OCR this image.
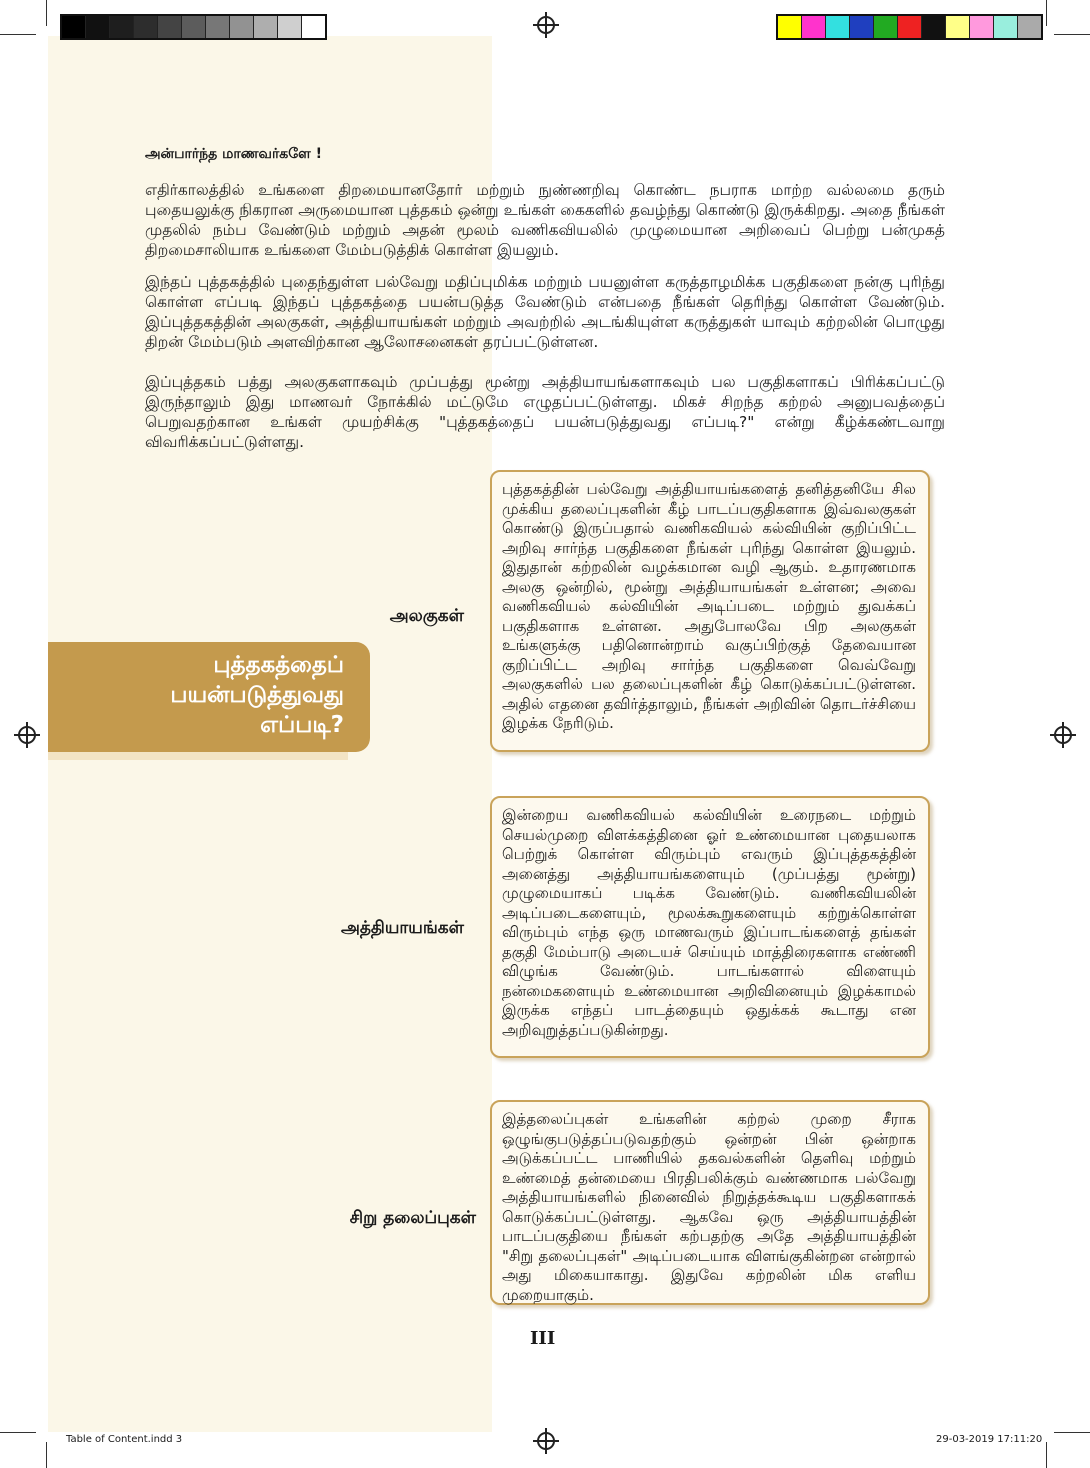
அன்பார்ந்த மாணவர்களே !
எதிர்காலத்தில் உங்களை திறமையானதோர் மற்றும் நுண்ணறிவு கொண்ட நபராக மாற்ற வல்லமை தரும் புதையலுக்கு நிகரான அருமையான புத்தகம் ஒன்று உங்கள் கைகளில் தவழ்ந்து கொண்டு இருக்கிறது. அதை நீங்கள் முதலில் நம்ப வேண்டும் மற்றும் அதன் மூலம் வணிகவியலில் முழுமையான அறிவைப் பெற்று பன்முகத் திறமைசாலியாக உங்களை மேம்படுத்திக் கொள்ள இயலும்.
இந்தப் புத்தகத்தில் புதைந்துள்ள பல்வேறு மதிப்புமிக்க மற்றும் பயனுள்ள கருத்தாழமிக்க பகுதிகளை நன்கு புரிந்து கொள்ள எப்படி இந்தப் புத்தகத்தை பயன்படுத்த வேண்டும் என்பதை நீங்கள் தெரிந்து கொள்ள வேண்டும். இப்புத்தகத்தின் அலகுகள், அத்தியாயங்கள் மற்றும் அவற்றில் அடங்கியுள்ள கருத்துகள் யாவும் கற்றலின் பொழுது திறன் மேம்படும் அளவிற்கான ஆலோசனைகள் தரப்பட்டுள்ளன.
இப்புத்தகம் பத்து அலகுகளாகவும் முப்பத்து மூன்று அத்தியாயங்களாகவும் பல பகுதிகளாகப் பிரிக்கப்பட்டு இருந்தாலும் இது மாணவர் நோக்கில் மட்டுமே எழுதப்பட்டுள்ளது. மிகச் சிறந்த கற்றல் அனுபவத்தைப் பெறுவதற்கான உங்கள் முயற்சிக்கு "புத்தகத்தைப் பயன்படுத்துவது எப்படி?" என்று கீழ்க்கண்டவாறு விவரிக்கப்பட்டுள்ளது.
புத்தகத்தைப்
பயன்படுத்துவது
எப்படி?
அலகுகள்
புத்தகத்தின் பல்வேறு அத்தியாயங்களைத் தனித்தனியே சில முக்கிய தலைப்புகளின் கீழ் பாடப்பகுதிகளாக இவ்வலகுகள் கொண்டு இருப்பதால் வணிகவியல் கல்வியின் குறிப்பிட்ட அறிவு சார்ந்த பகுதிகளை நீங்கள் புரிந்து கொள்ள இயலும். இதுதான் கற்றலின் வழக்கமான வழி ஆகும். உதாரணமாக அலகு ஒன்றில், மூன்று அத்தியாயங்கள் உள்ளன; அவை வணிகவியல் கல்வியின் அடிப்படை மற்றும் துவக்கப் பகுதிகளாக உள்ளன. அதுபோலவே பிற அலகுகள் உங்களுக்கு பதினொன்றாம் வகுப்பிற்குத் தேவையான குறிப்பிட்ட அறிவு சார்ந்த பகுதிகளை வெவ்வேறு அலகுகளில் பல தலைப்புகளின் கீழ் கொடுக்கப்பட்டுள்ளன. அதில் எதனை தவிர்த்தாலும், நீங்கள் அறிவின் தொடர்ச்சியை இழக்க நேரிடும்.
அத்தியாயங்கள்
இன்றைய வணிகவியல் கல்வியின் உரைநடை மற்றும் செயல்முறை விளக்கத்தினை ஓர் உண்மையான புதையலாக பெற்றுக் கொள்ள விரும்பும் எவரும் இப்புத்தகத்தின் அனைத்து அத்தியாயங்களையும் (முப்பத்து மூன்று) முழுமையாகப் படிக்க வேண்டும். வணிகவியலின் அடிப்படைகளையும், மூலக்கூறுகளையும் கற்றுக்கொள்ள விரும்பும் எந்த ஒரு மாணவரும் இப்பாடங்களைத் தங்கள் தகுதி மேம்பாடு அடையச் செய்யும் மாத்திரைகளாக எண்ணி விழுங்க வேண்டும். பாடங்களால் விளையும் நன்மைகளையும் உண்மையான அறிவினையும் இழக்காமல் இருக்க எந்தப் பாடத்தையும் ஒதுக்கக் கூடாது என அறிவுறுத்தப்படுகின்றது.
சிறு தலைப்புகள்
இத்தலைப்புகள் உங்களின் கற்றல் முறை சீராக ஒழுங்குபடுத்தப்படுவதற்கும் ஒன்றன் பின் ஒன்றாக அடுக்கப்பட்ட பாணியில் தகவல்களின் தெளிவு மற்றும் உண்மைத் தன்மையை பிரதிபலிக்கும் வண்ணமாக பல்வேறு அத்தியாயங்களில் நினைவில் நிறுத்தக்கூடிய பகுதிகளாகக் கொடுக்கப்பட்டுள்ளது. ஆகவே ஒரு அத்தியாயத்தின் பாடப்பகுதியை நீங்கள் கற்பதற்கு அதே அத்தியாயத்தின் "சிறு தலைப்புகள்" அடிப்படையாக விளங்குகின்றன என்றால் அது மிகையாகாது. இதுவே கற்றலின் மிக எளிய முறையாகும்.
III
Table of Content.indd 3	29-03-2019 17:11:20
